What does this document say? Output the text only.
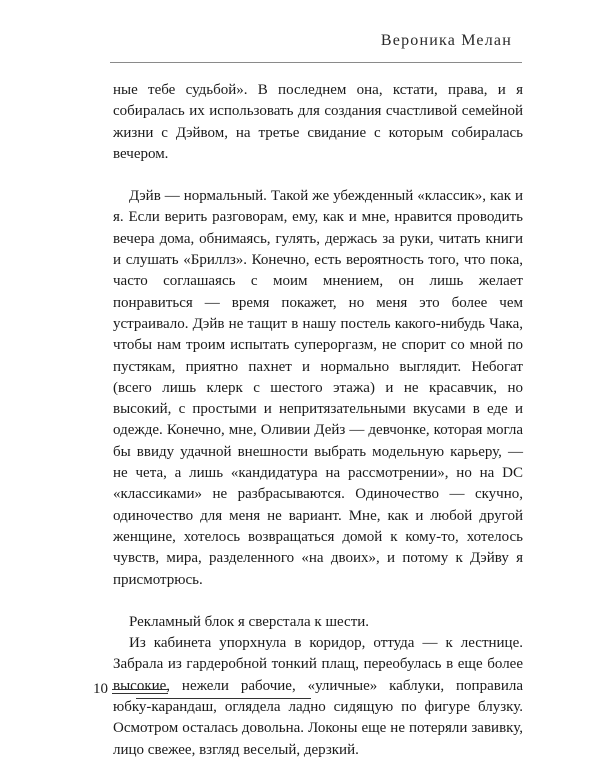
Вероника Мелан

ные тебе судьбой». В последнем она, кстати, права, и я собиралась их использовать для создания счастливой семейной жизни с Дэйвом, на третье свидание с которым собиралась вечером.

Дэйв — нормальный. Такой же убежденный «классик», как и я. Если верить разговорам, ему, как и мне, нравится проводить вечера дома, обнимаясь, гулять, держась за руки, читать книги и слушать «Бриллз». Конечно, есть вероятность того, что пока, часто соглашаясь с моим мнением, он лишь желает понравиться — время покажет, но меня это более чем устраивало. Дэйв не тащит в нашу постель какого-нибудь Чака, чтобы нам троим испытать супероргазм, не спорит со мной по пустякам, приятно пахнет и нормально выглядит. Небогат (всего лишь клерк с шестого этажа) и не красавчик, но высокий, с простыми и непритязательными вкусами в еде и одежде. Конечно, мне, Оливии Дейз — девчонке, которая могла бы ввиду удачной внешности выбрать модельную карьеру, — не чета, а лишь «кандидатура на рассмотрении», но на DC «классиками» не разбрасываются. Одиночество — скучно, одиночество для меня не вариант. Мне, как и любой другой женщине, хотелось возвращаться домой к кому-то, хотелось чувств, мира, разделенного «на двоих», и потому к Дэйву я присмотрюсь.

Рекламный блок я сверстала к шести.

Из кабинета упорхнула в коридор, оттуда — к лестнице. Забрала из гардеробной тонкий плащ, переобулась в еще более высокие, нежели рабочие, «уличные» каблуки, поправила юбку-карандаш, оглядела ладно сидящую по фигуре блузку. Осмотром осталась довольна. Локоны еще не потеряли завивку, лицо свежее, взгляд веселый, дерзкий.

10
